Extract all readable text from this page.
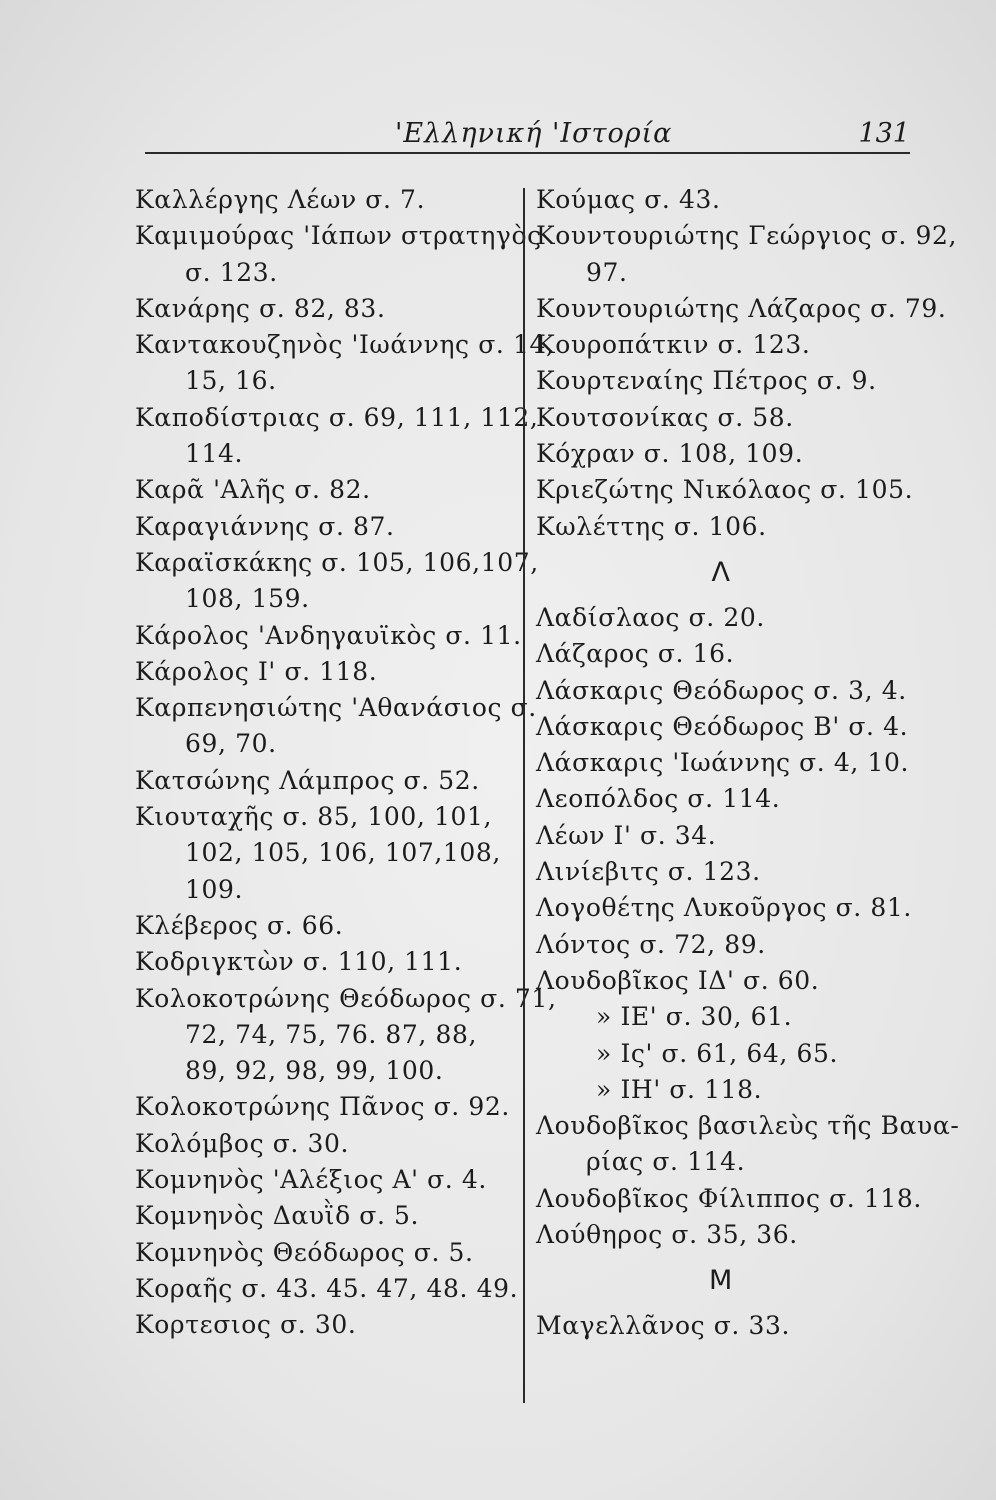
'Ελληνική 'Ιστορία	131
Καλλέργης Λέων σ. 7.
Καμιμούρας 'Ιάπων στρατηγὸς
σ. 123.
Κανάρης σ. 82, 83.
Καντακουζηνὸς 'Ιωάννης σ. 14,
15, 16.
Καποδίστριας σ. 69, 111, 112,
114.
Καρᾶ 'Αλῆς σ. 82.
Καραγιάννης σ. 87.
Καραϊσκάκης σ. 105, 106,107,
108, 159.
Κάρολος 'Ανδηγαυϊκὸς σ. 11.
Κάρολος Ι' σ. 118.
Καρπενησιώτης 'Αθανάσιος σ.
69, 70.
Κατσώνης Λάμπρος σ. 52.
Κιουταχῆς σ. 85, 100, 101,
102, 105, 106, 107,108,
109.
Κλέβερος σ. 66.
Κοδριγκτὼν σ. 110, 111.
Κολοκοτρώνης Θεόδωρος σ. 71,
72, 74, 75, 76. 87, 88,
89, 92, 98, 99, 100.
Κολοκοτρώνης Πᾶνος σ. 92.
Κολόμβος σ. 30.
Κομνηνὸς 'Αλέξιος Α' σ. 4.
Κομνηνὸς Δαυῒδ σ. 5.
Κομνηνὸς Θεόδωρος σ. 5.
Κοραῆς σ. 43. 45. 47, 48. 49.
Κορτεσιος σ. 30.
Κούμας σ. 43.
Κουντουριώτης Γεώργιος σ. 92,
97.
Κουντουριώτης Λάζαρος σ. 79.
Κουροπάτκιν σ. 123.
Κουρτεναίης Πέτρος σ. 9.
Κουτσονίκας σ. 58.
Κόχραν σ. 108, 109.
Κριεζώτης Νικόλαος σ. 105.
Κωλέττης σ. 106.
Λ
Λαδίσλαος σ. 20.
Λάζαρος σ. 16.
Λάσκαρις Θεόδωρος σ. 3, 4.
Λάσκαρις Θεόδωρος Β' σ. 4.
Λάσκαρις 'Ιωάννης σ. 4, 10.
Λεοπόλδος σ. 114.
Λέων Ι' σ. 34.
Λινίεβιτς σ. 123.
Λογοθέτης Λυκοῦργος σ. 81.
Λόντος σ. 72, 89.
Λουδοβῖκος ΙΔ' σ. 60.
» ΙΕ' σ. 30, 61.
» Ις' σ. 61, 64, 65.
» ΙΗ' σ. 118.
Λουδοβῖκος βασιλεὺς τῆς Βαυα-
ρίας σ. 114.
Λουδοβῖκος Φίλιππος σ. 118.
Λούθηρος σ. 35, 36.
Μ
Μαγελλᾶνος σ. 33.
